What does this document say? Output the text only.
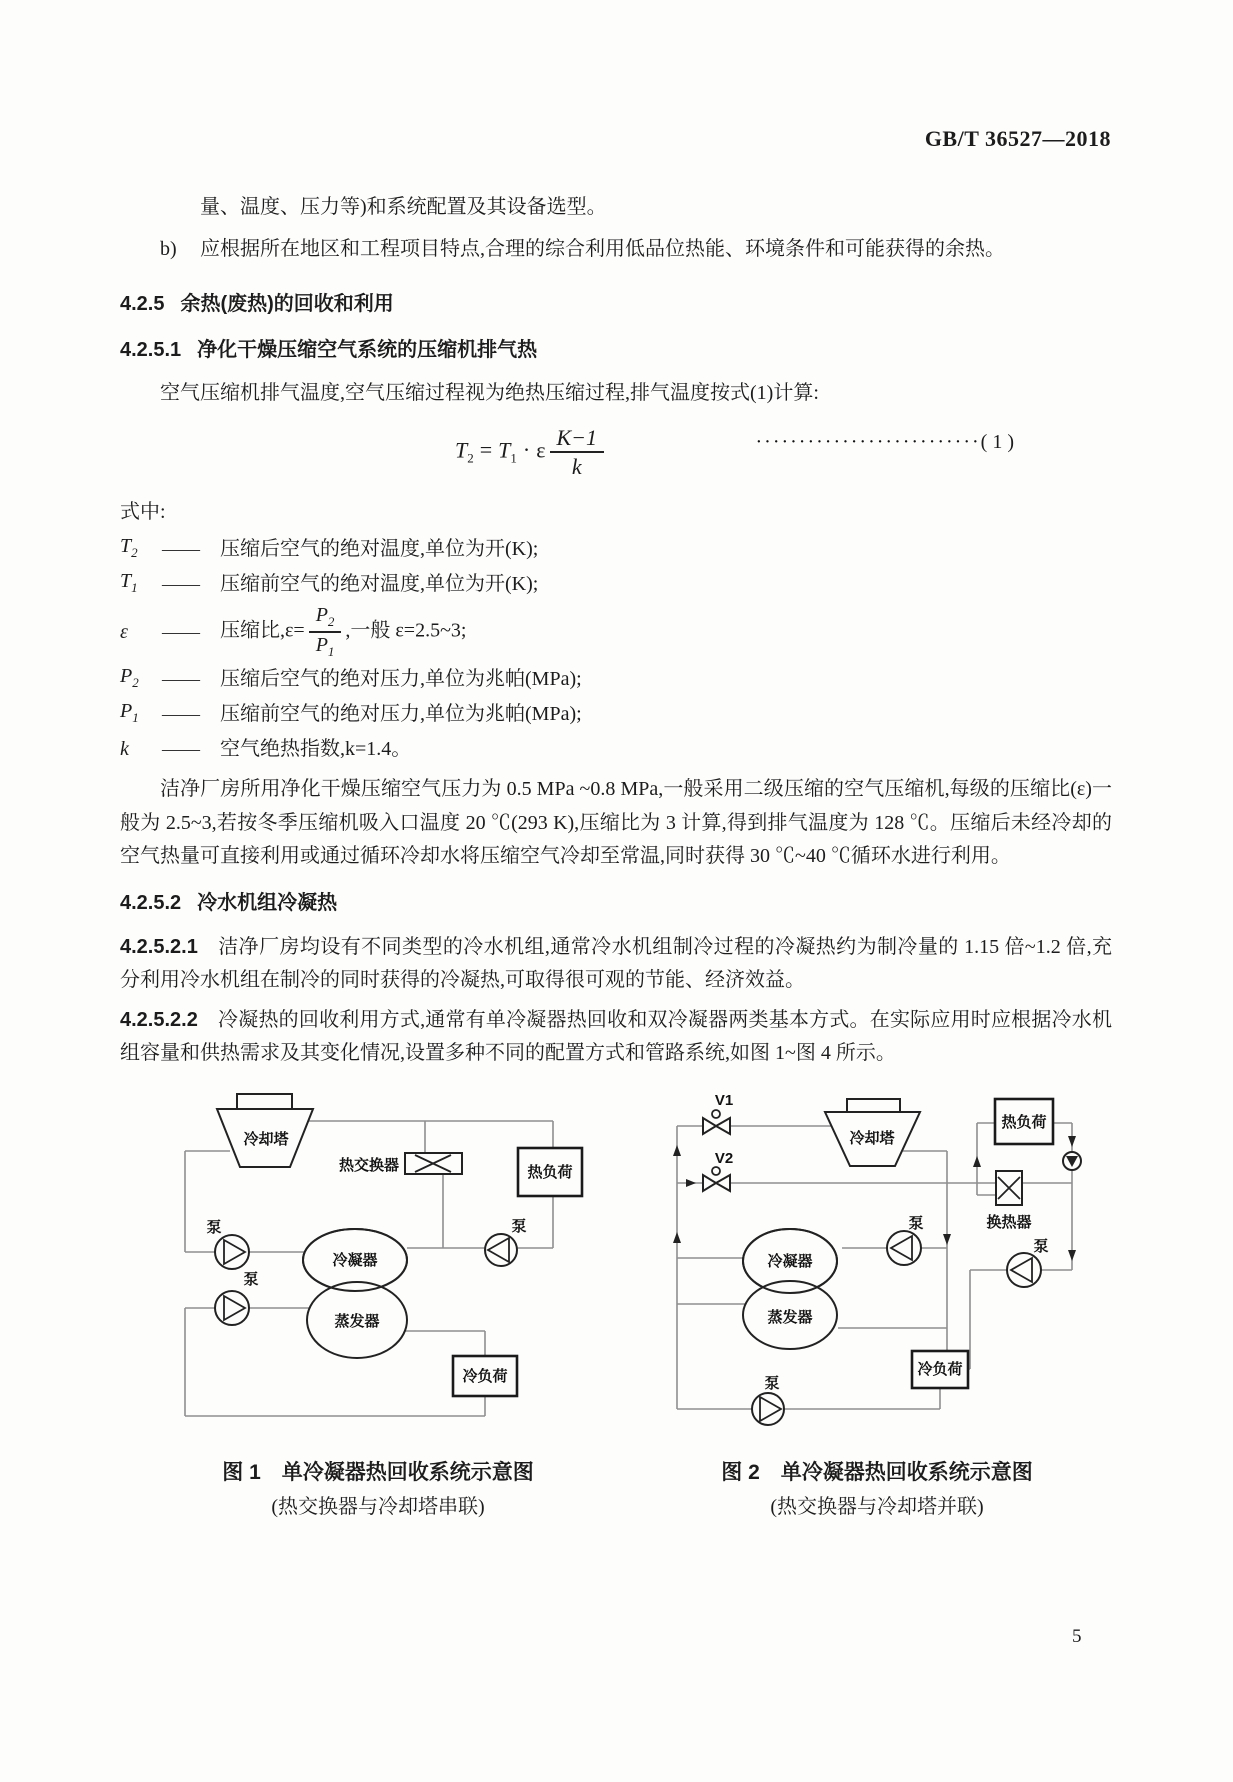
GB/T 36527—2018

量、温度、压力等)和系统配置及其设备选型。

b) 应根据所在地区和工程项目特点,合理的综合利用低品位热能、环境条件和可能获得的余热。

4.2.5 余热(废热)的回收和利用
4.2.5.1 净化干燥压缩空气系统的压缩机排气热

空气压缩机排气温度,空气压缩过程视为绝热压缩过程,排气温度按式(1)计算:

$T_2 = T_1 \cdot \varepsilon \frac{K-1}{k}$	··························( 1 )

式中:

$T_2$	——	压缩后空气的绝对温度,单位为开(K);
$T_1$	——	压缩前空气的绝对温度,单位为开(K);
ε	——	压缩比$,\varepsilon= \frac{P_2}{P_1}$ ,一般 ε=2.5~3;
$P_2$	——	压缩后空气的绝对压力,单位为兆帕(MPa);
$P_1$	——	压缩前空气的绝对压力,单位为兆帕(MPa);
k	——	空气绝热指数,k=1.4。

洁净厂房所用净化干燥压缩空气压力为 0.5 MPa ~0.8 MPa,一般采用二级压缩的空气压缩机,每级的压缩比(ε)一般为 2.5~3,若按冬季压缩机吸入口温度 20 ℃(293 K),压缩比为 3 计算,得到排气温度为 128 ℃。压缩后未经冷却的空气热量可直接利用或通过循环冷却水将压缩空气冷却至常温,同时获得 30 ℃~40 ℃循环水进行利用。

4.2.5.2 冷水机组冷凝热

4.2.5.2.1 洁净厂房均设有不同类型的冷水机组,通常冷水机组制冷过程的冷凝热约为制冷量的 1.15 倍~1.2 倍,充分利用冷水机组在制冷的同时获得的冷凝热,可取得很可观的节能、经济效益。

4.2.5.2.2 冷凝热的回收利用方式,通常有单冷凝器热回收和双冷凝器两类基本方式。在实际应用时应根据冷水机组容量和供热需求及其变化情况,设置多种不同的配置方式和管路系统,如图 1~图 4 所示。

冷却塔
热交换器	热负荷
冷凝器
蒸发器
泵
泵
泵
冷负荷
V1
V2
冷却塔
热负荷
换热器
冷凝器
蒸发器
泵
泵
泵
冷负荷
图 1　单冷凝器热回收系统示意图
(热交换器与冷却塔串联)
图 2　单冷凝器热回收系统示意图
(热交换器与冷却塔并联)
5
